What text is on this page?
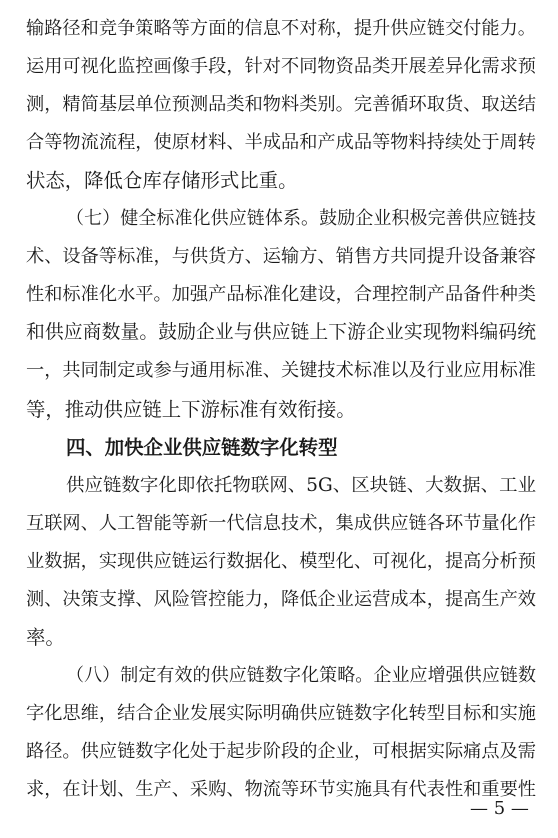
输路径和竞争策略等方面的信息不对称，提升供应链交付能力。
运用可视化监控画像手段，针对不同物资品类开展差异化需求预
测，精简基层单位预测品类和物料类别。完善循环取货、取送结
合等物流流程，使原材料、半成品和产成品等物料持续处于周转
状态，降低仓库存储形式比重。
（七）健全标准化供应链体系。鼓励企业积极完善供应链技
术、设备等标准，与供货方、运输方、销售方共同提升设备兼容
性和标准化水平。加强产品标准化建设，合理控制产品备件种类
和供应商数量。鼓励企业与供应链上下游企业实现物料编码统
一，共同制定或参与通用标准、关键技术标准以及行业应用标准
等，推动供应链上下游标准有效衔接。
四、加快企业供应链数字化转型
供应链数字化即依托物联网、5G、区块链、大数据、工业
互联网、人工智能等新一代信息技术，集成供应链各环节量化作
业数据，实现供应链运行数据化、模型化、可视化，提高分析预
测、决策支撑、风险管控能力，降低企业运营成本，提高生产效
率。
（八）制定有效的供应链数字化策略。企业应增强供应链数
字化思维，结合企业发展实际明确供应链数字化转型目标和实施
路径。供应链数字化处于起步阶段的企业，可根据实际痛点及需
求，在计划、生产、采购、物流等环节实施具有代表性和重要性
— 5 —
